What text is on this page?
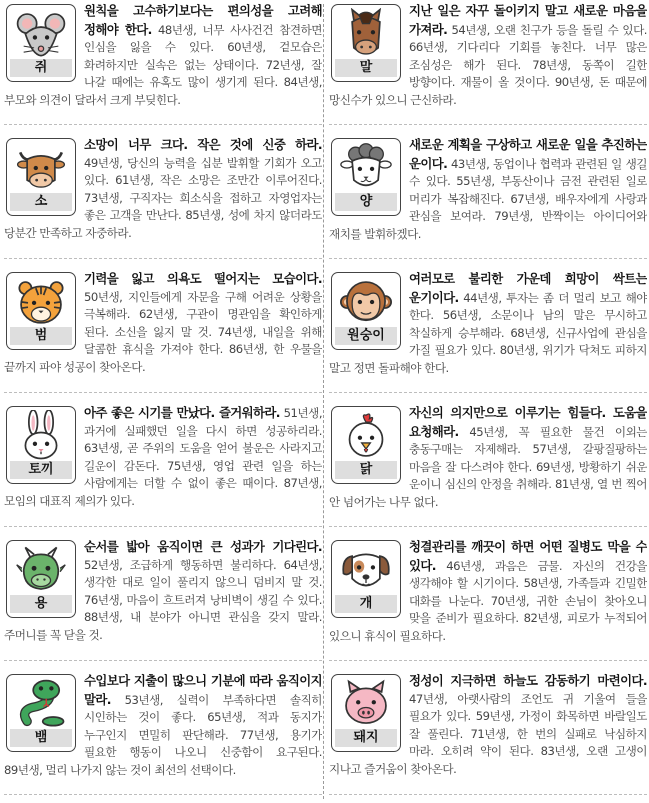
쥐

원칙을 고수하기보다는 편의성을 고려해 정해야 한다. 48년생, 너무 사사건건 참견하면 인심을 잃을 수 있다. 60년생, 겉모습은 화려하지만 실속은 없는 상태이다. 72년생, 잘 나갈 때에는 유혹도 많이 생기게 된다. 84년생, 부모와 의견이 달라서 크게 부딪힌다.

소

소망이 너무 크다. 작은 것에 신중 하라. 49년생, 당신의 능력을 십분 발휘할 기회가 오고 있다. 61년생, 작은 소망은 조만간 이루어진다. 73년생, 구직자는 희소식을 접하고 자영업자는 좋은 고객을 만난다. 85년생, 성에 차지 않더라도 당분간 만족하고 자중하라.

범

기력을 잃고 의욕도 떨어지는 모습이다. 50년생, 지인들에게 자문을 구해 어려운 상황을 극복해라. 62년생, 구관이 명관임을 확인하게 된다. 소신을 잃지 말 것. 74년생, 내일을 위해 달콤한 휴식을 가져야 한다. 86년생, 한 우물을 끝까지 파야 성공이 찾아온다.

토끼

아주 좋은 시기를 만났다. 즐거워하라. 51년생, 과거에 실패했던 일을 다시 하면 성공하리라. 63년생, 곧 주위의 도움을 얻어 불운은 사라지고 길운이 감돈다. 75년생, 영업 관련 일을 하는 사람에게는 더할 수 없이 좋은 때이다. 87년생, 모임의 대표직 제의가 있다.

용

순서를 밟아 움직이면 큰 성과가 기다린다. 52년생, 조급하게 행동하면 불리하다. 64년생, 생각한 대로 일이 풀리지 않으니 덤비지 말 것. 76년생, 마음이 흐트러져 낭비벽이 생길 수 있다. 88년생, 내 분야가 아니면 관심을 갖지 말라. 주머니를 꼭 닫을 것.

뱀

수입보다 지출이 많으니 기분에 따라 움직이지 말라. 53년생, 실력이 부족하다면 솔직히 시인하는 것이 좋다. 65년생, 적과 동지가 누구인지 면밀히 판단해라. 77년생, 용기가 필요한 행동이 나오니 신중함이 요구된다. 89년생, 멀리 나가지 않는 것이 최선의 선택이다.

말

지난 일은 자꾸 돌이키지 말고 새로운 마음을 가져라. 54년생, 오랜 친구가 등을 돌릴 수 있다. 66년생, 기다리다 기회를 놓친다. 너무 많은 조심성은 해가 된다. 78년생, 동쪽이 길한 방향이다. 재물이 올 것이다. 90년생, 돈 때문에 망신수가 있으니 근신하라.

양

새로운 계획을 구상하고 새로운 일을 추진하는 운이다. 43년생, 동업이나 협력과 관련된 일 생길 수 있다. 55년생, 부동산이나 금전 관련된 일로 머리가 복잡해진다. 67년생, 배우자에게 사랑과 관심을 보여라. 79년생, 반짝이는 아이디어와 재치를 발휘하겠다.

원숭이

여러모로 불리한 가운데 희망이 싹트는 운기이다. 44년생, 투자는 좀 더 멀리 보고 해야 한다. 56년생, 소문이나 남의 말은 무시하고 착실하게 승부해라. 68년생, 신규사업에 관심을 가질 필요가 있다. 80년생, 위기가 닥쳐도 피하지 말고 정면 돌파해야 한다.

닭

자신의 의지만으로 이루기는 힘들다. 도움을 요청해라. 45년생, 꼭 필요한 물건 이외는 충동구매는 자제해라. 57년생, 갈팡질팡하는 마음을 잘 다스려야 한다. 69년생, 방황하기 쉬운 운이니 심신의 안정을 취해라. 81년생, 열 번 찍어 안 넘어가는 나무 없다.

개

청결관리를 깨끗이 하면 어떤 질병도 막을 수 있다. 46년생, 과음은 금물. 자신의 건강을 생각해야 할 시기이다. 58년생, 가족들과 긴밀한 대화를 나눈다. 70년생, 귀한 손님이 찾아오니 맞을 준비가 필요하다. 82년생, 피로가 누적되어 있으니 휴식이 필요하다.

돼지

정성이 지극하면 하늘도 감동하기 마련이다. 47년생, 아랫사람의 조언도 귀 기울여 들을 필요가 있다. 59년생, 가정이 화목하면 바랄일도 잘 풀린다. 71년생, 한 번의 실패로 낙심하지 마라. 오히려 약이 된다. 83년생, 오랜 고생이 지나고 즐거움이 찾아온다.
